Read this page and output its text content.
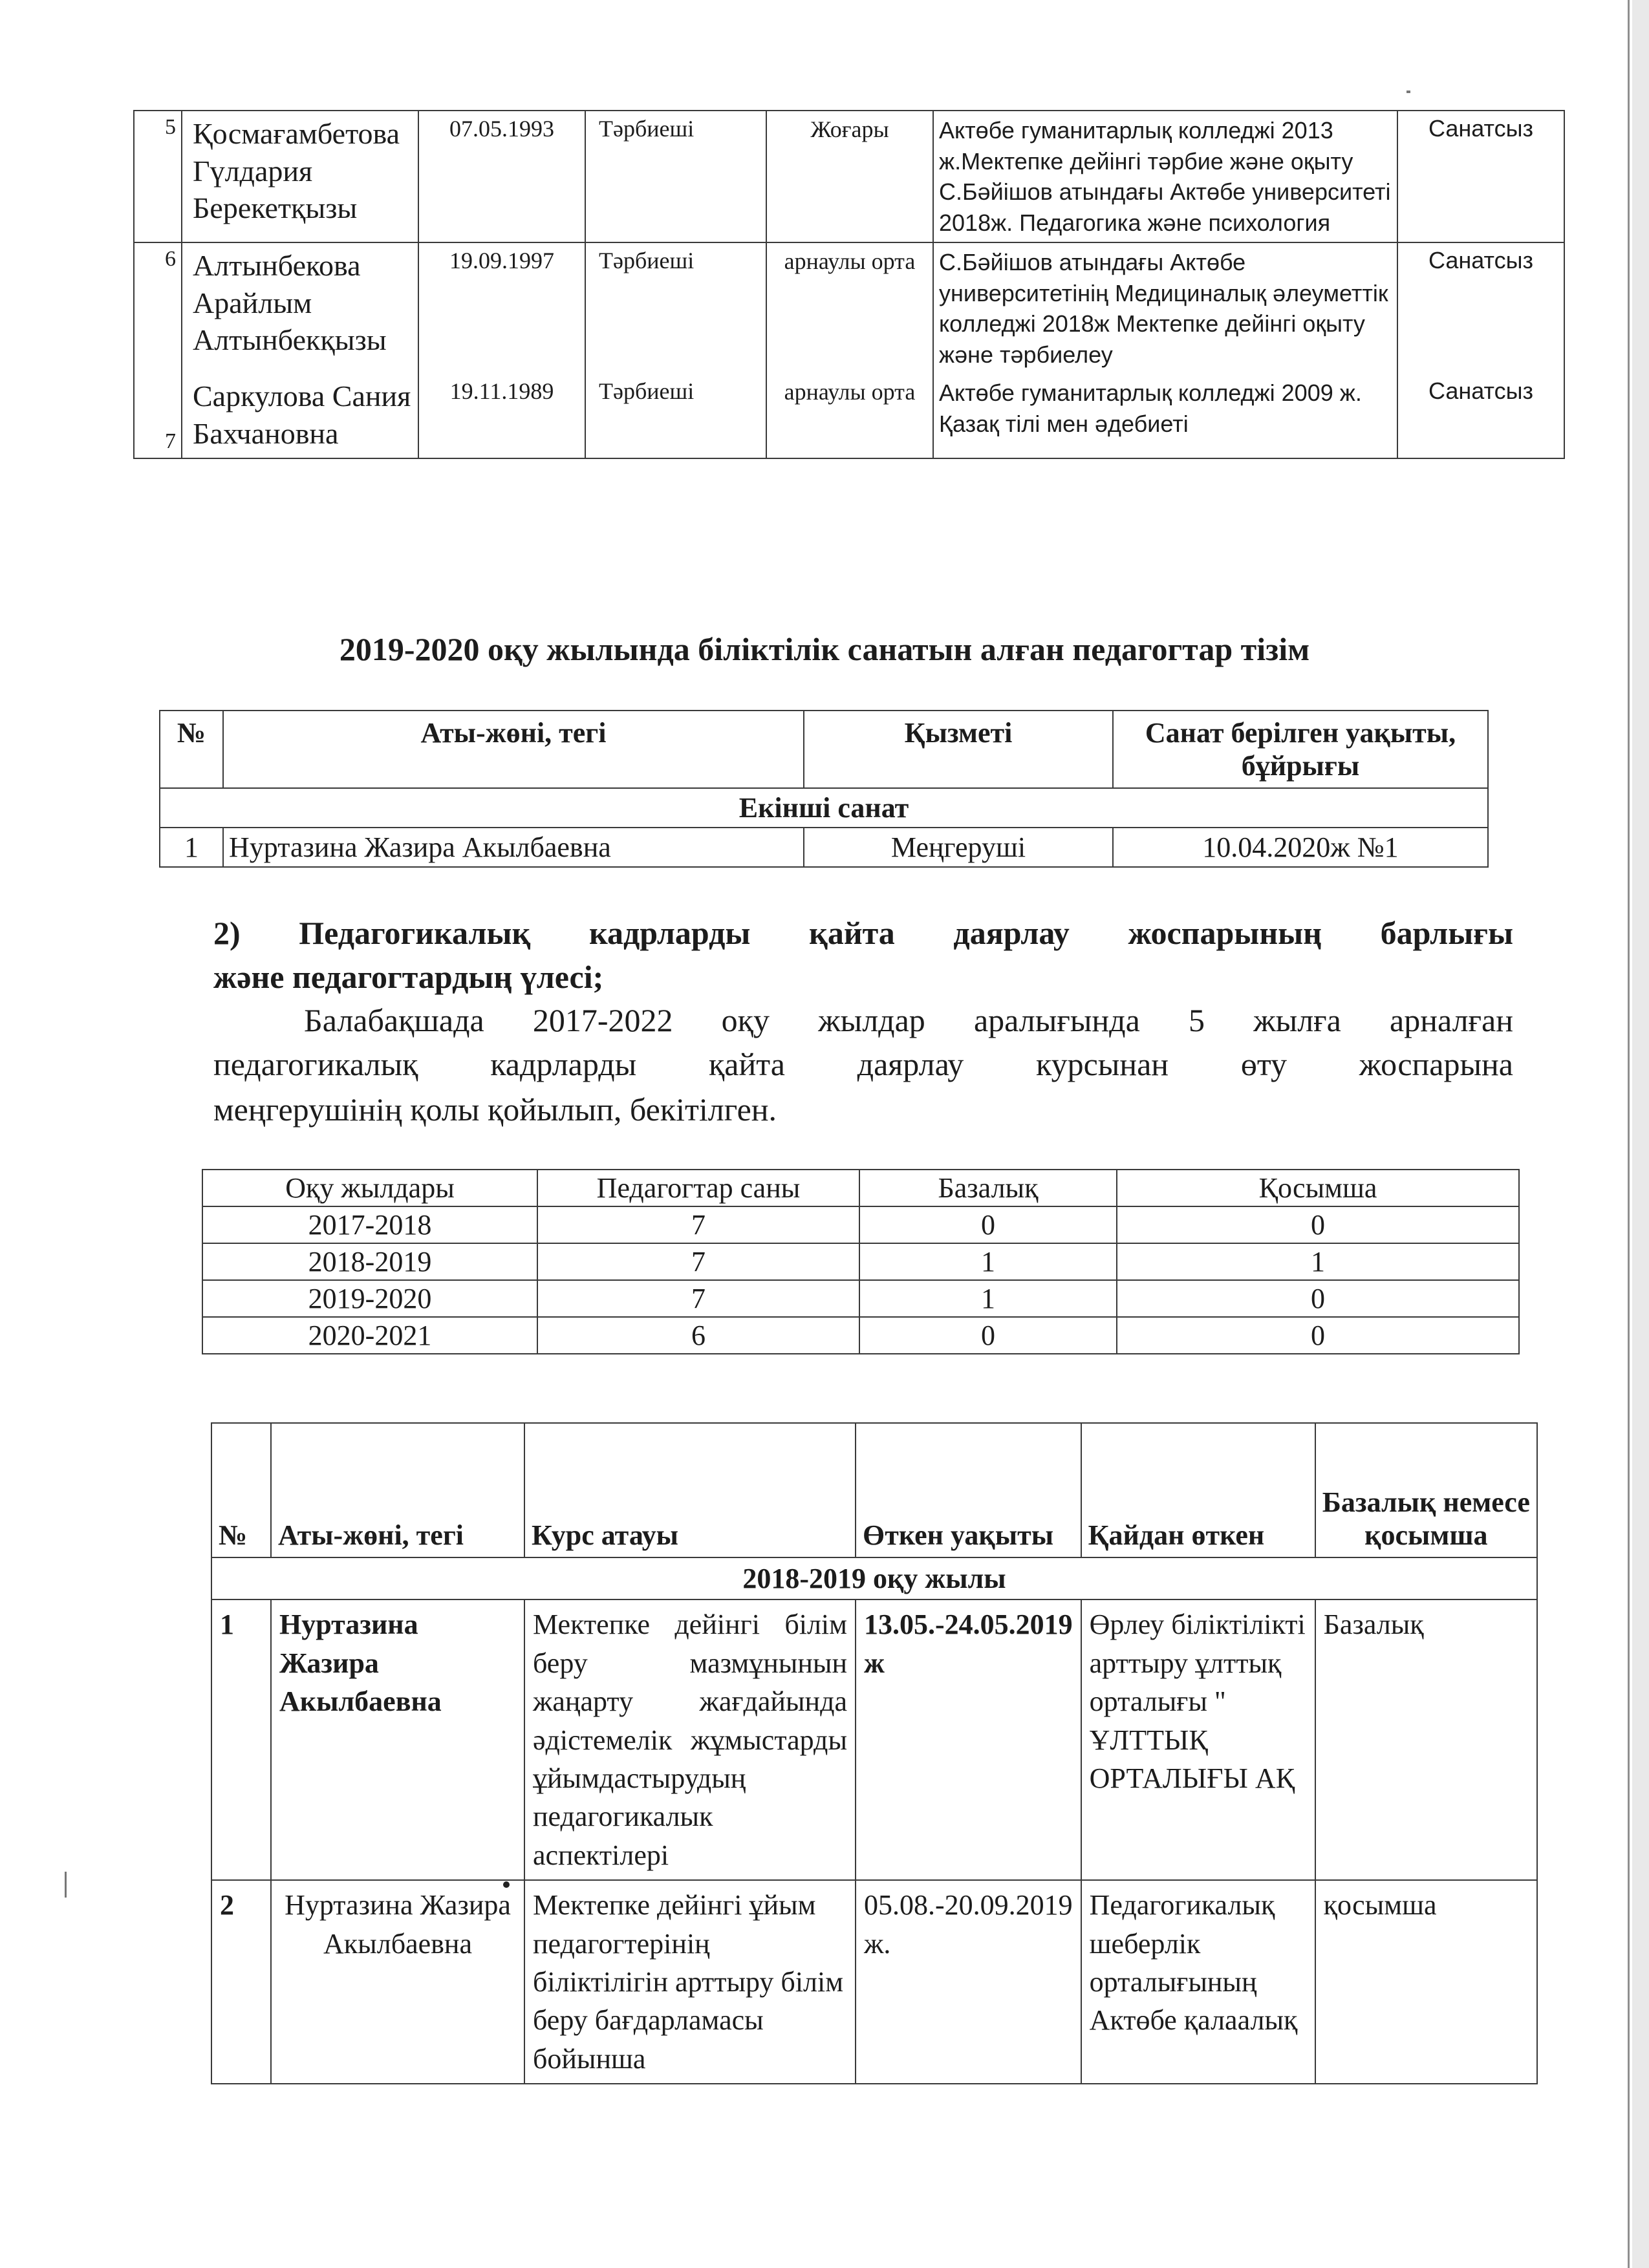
5	Қосмағамбетова Гүлдария Берекетқызы	07.05.1993	Тәрбиеші	Жоғары	Актөбе гуманитарлық колледжі 2013 ж.Мектепке дейінгі тәрбие және оқыту С.Бәйішов атындағы Актөбе университеті 2018ж. Педагогика және психология	Санатсыз
6	Алтынбекова Арайлым Алтынбекқызы	19.09.1997	Тәрбиеші	арнаулы орта	С.Бәйішов атындағы Актөбе университетінің Медициналық әлеуметтік колледжі 2018ж Мектепке дейінгі оқыту және тәрбиелеу	Санатсыз

7	Саркулова Сания Бахчановна	19.11.1989	Тәрбиеші	арнаулы орта	Актөбе гуманитарлық колледжі 2009 ж. Қазақ тілі мен әдебиеті	Санатсыз
2019-2020 оқу жылында біліктілік санатын алған педагогтар тізім
№	Аты-жөні, тегі	Қызметі	Санат берілген уақыты, бұйрығы
Екінші санат			
1	Нуртазина Жазира Акылбаевна	Меңгеруші	10.04.2020ж №1
2) Педагогикалық кадрларды қайта даярлау жоспарының барлығы
және педагогтардың үлесі;
Балабақшада 2017-2022 оқу жылдар аралығында 5 жылға арналған
педагогикалық кадрларды қайта даярлау курсынан өту жоспарына
меңгерушінің қолы қойылып, бекітілген.
Оқу жылдары	Педагогтар саны	Базалық	Қосымша
2017-2018	7	0	0
2018-2019	7	1	1
2019-2020	7	1	0
2020-2021	6	0	0
№	Аты-жөні, тегі	Курс атауы	Өткен уақыты	Қайдан өткен	Базалық немесе қосымша
2018-2019 оқу жылы					
1	Нуртазина Жазира Акылбаевна	Мектепке дейінгі білім беру мазмұнынын жаңарту жағдайында әдістемелік жұмыстарды ұйымдастырудың педагогикалык аспектілері	13.05.-24.05.2019 ж	Өрлеу біліктілікті арттыру ұлттық орталығы " ҰЛТТЫҚ ОРТАЛЫҒЫ АҚ	Базалық
2	Нуртазина Жазира Акылбаевна	Мектепке дейінгі ұйым педагогтерінің біліктілігін арттыру білім беру бағдарламасы бойынша	05.08.-20.09.2019 ж.	Педагогикалық шеберлік орталығының Актөбе қалаалық	қосымша
